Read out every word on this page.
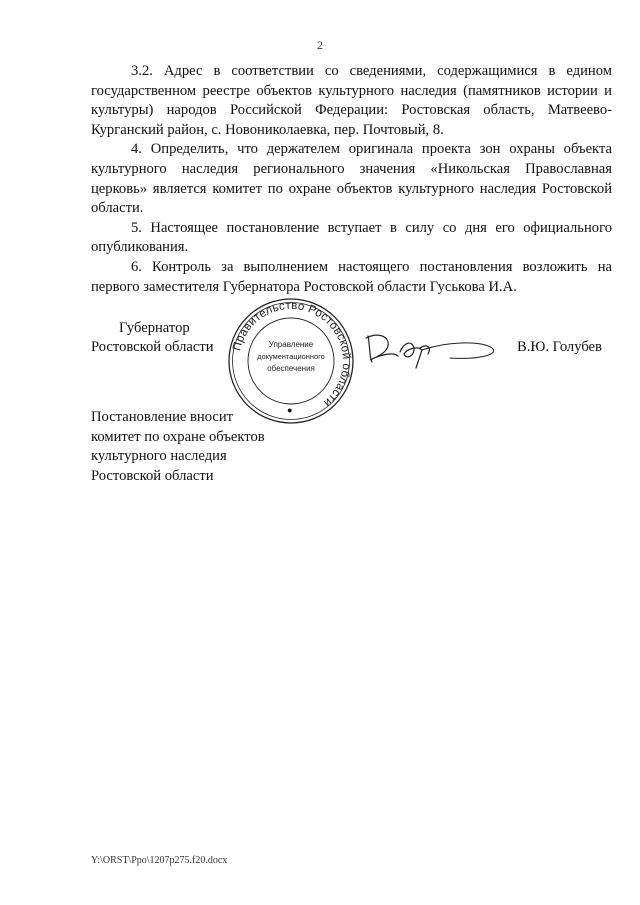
2

3.2. Адрес в соответствии со сведениями, содержащимися в едином государственном реестре объектов культурного наследия (памятников истории и культуры) народов Российской Федерации: Ростовская область, Матвеево-Курганский район, с. Новониколаевка, пер. Почтовый, 8.

4. Определить, что держателем оригинала проекта зон охраны объекта культурного наследия регионального значения «Никольская Православная церковь» является комитет по охране объектов культурного наследия Ростовской области.

5. Настоящее постановление вступает в силу со дня его официального опубликования.

6. Контроль за выполнением настоящего постановления возложить на первого заместителя Губернатора Ростовской области Гуськова И.А.

Губернатор
Ростовской области Правительство Ростовской области
Управление
документационного
обеспечения
●
В.Ю. Голубев
Постановление вносит
комитет по охране объектов
культурного наследия
Ростовской области
Y:\ORST\Ppo\1207p275.f20.docx
